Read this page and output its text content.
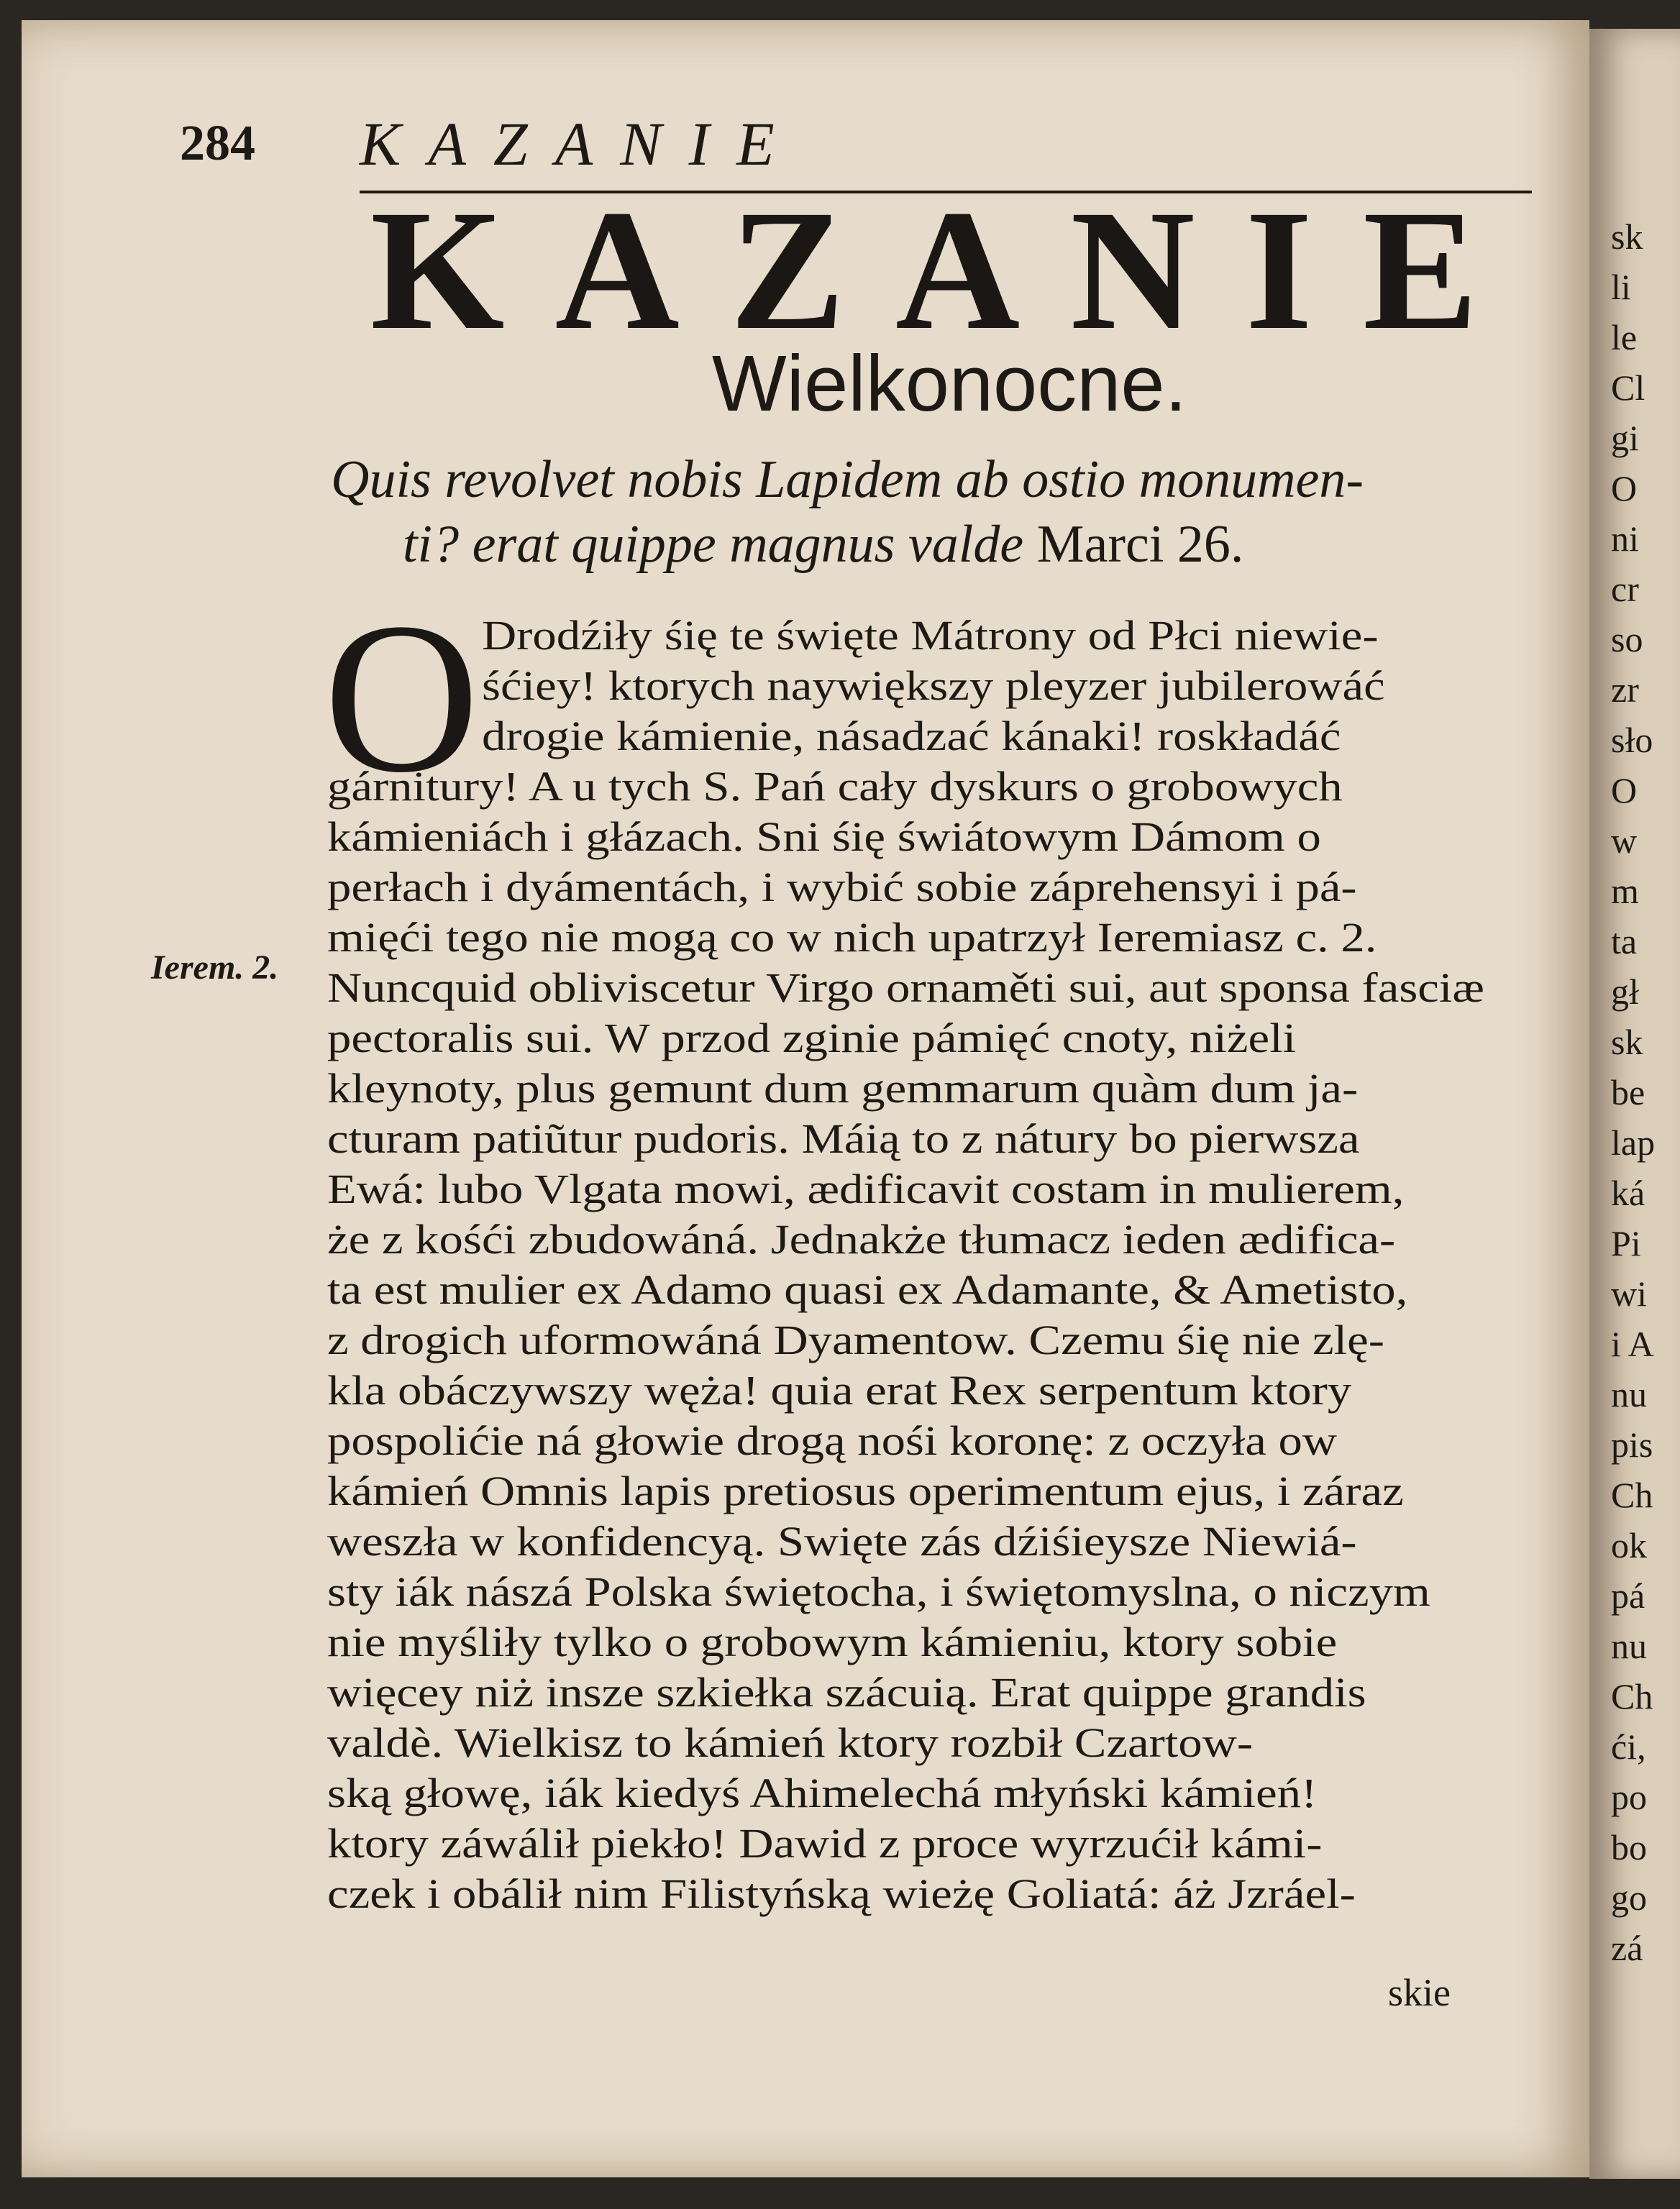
sk
li
le
Cl
gi
O
ni
cr
so
zr
sło
O
w
m
ta
gł
sk
be
lap
ká
Pi
wi
i A
nu
pis
Ch
ok
pá
nu
Ch
ći,
po
bo
go
zá
284 KAZANIE
KAZANIE
Wielkonocne.
Quis revolvet nobis Lapidem ab ostio monumen-
ti? erat quippe magnus valde Marci 26.
O
Ierem. 2.
Drodźiły śię te święte Mátrony od Płci niewie-
śćiey! ktorych naywiększy pleyzer jubilerowáć
drogie kámienie, násadzać kánaki! roskładáć
gárnitury! A u tych S. Pań cały dyskurs o grobowych
kámieniách i głázach. Sni śię świátowym Dámom o
perłach i dyámentách, i wybić sobie záprehensyi i pá-
mięći tego nie mogą co w nich upatrzył Ieremiasz c. 2.
Nuncquid obliviscetur Virgo ornaměti sui, aut sponsa fasciæ
pectoralis sui. W przod zginie pámięć cnoty, niżeli
kleynoty, plus gemunt dum gemmarum quàm dum ja-
cturam patiũtur pudoris. Máią to z nátury bo pierwsza
Ewá: lubo Vlgata mowi, ædificavit costam in mulierem,
że z kośći zbudowáná. Jednakże tłumacz ieden ædifica-
ta est mulier ex Adamo quasi ex Adamante, & Ametisto,
z drogich uformowáná Dyamentow. Czemu śię nie zlę-
kla obáczywszy węża! quia erat Rex serpentum ktory
pospolićie ná głowie drogą nośi koronę: z oczyła ow
kámień Omnis lapis pretiosus operimentum ejus, i záraz
weszła w konfidencyą. Swięte zás dźiśieysze Niewiá-
sty iák nászá Polska świętocha, i świętomyslna, o niczym
nie myśliły tylko o grobowym kámieniu, ktory sobie
więcey niż insze szkiełka szácuią. Erat quippe grandis
valdè. Wielkisz to kámień ktory rozbił Czartow-
ską głowę, iák kiedyś Ahimelechá młyński kámień!
ktory záwálił piekło! Dawid z proce wyrzućił kámi-
czek i obálił nim Filistyńską wieżę Goliatá: áż Jzráel-
skie
